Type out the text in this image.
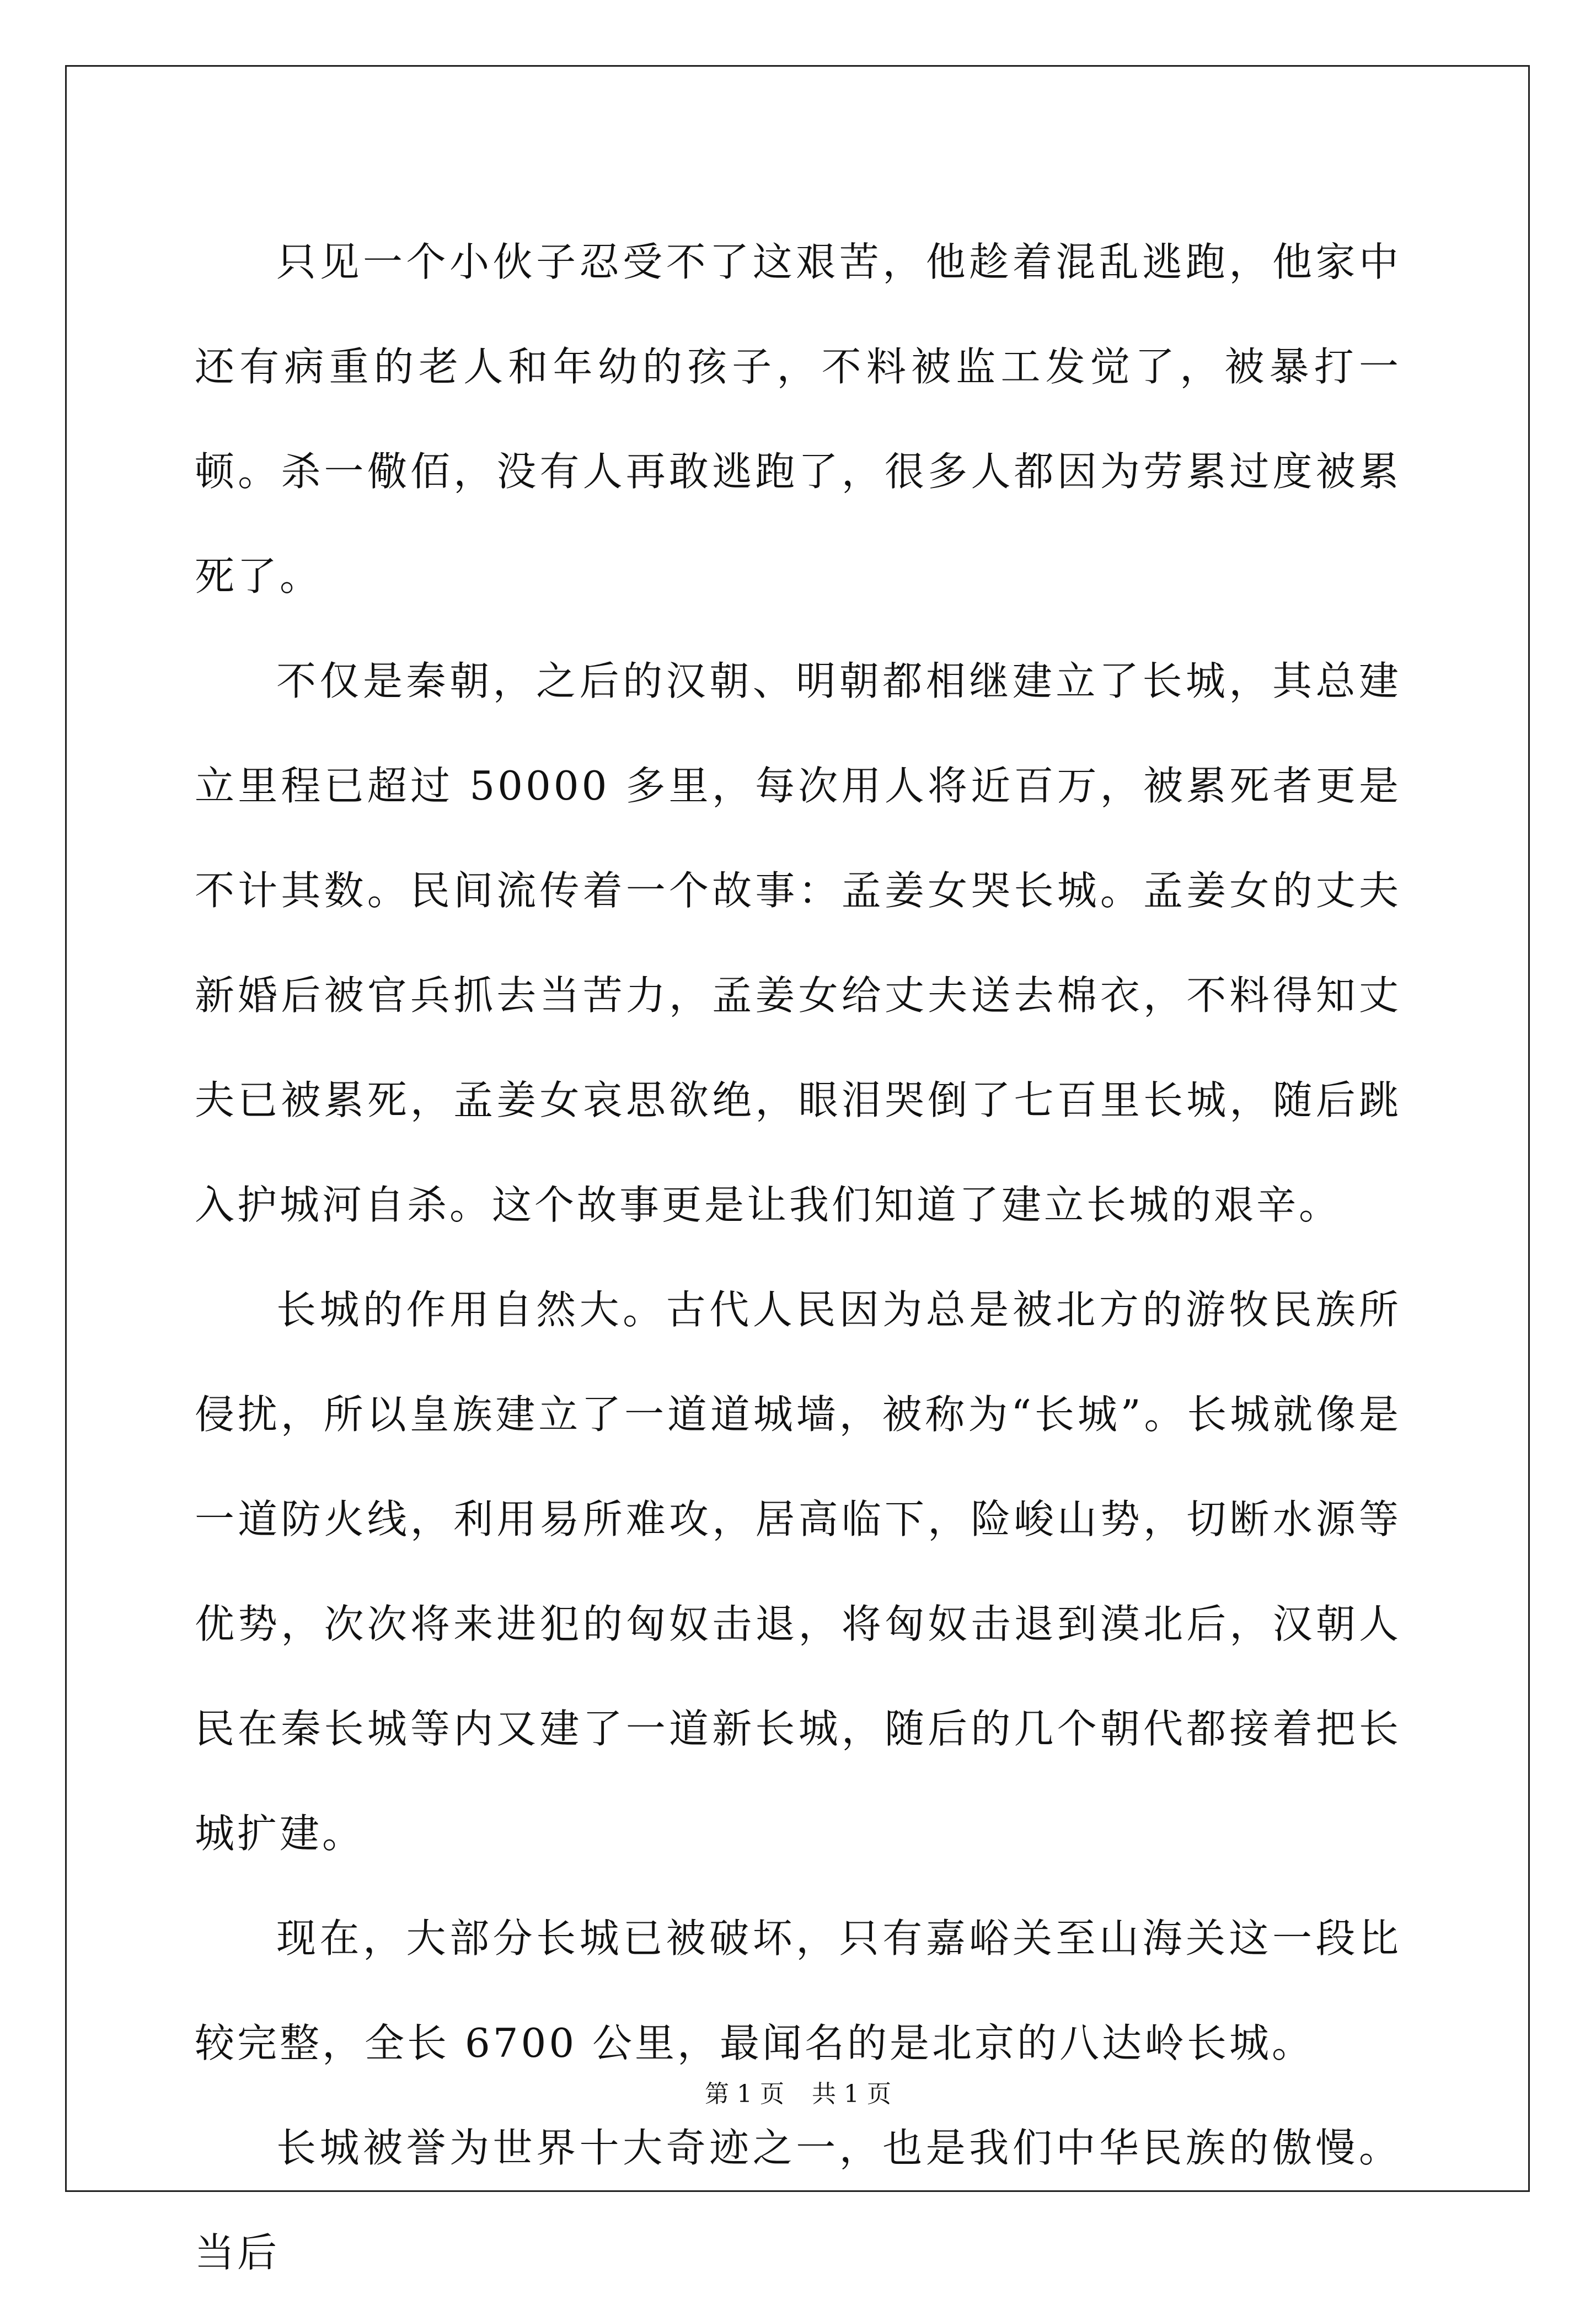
只见一个小伙子忍受不了这艰苦，他趁着混乱逃跑，他家中还有病重的老人和年幼的孩子，不料被监工发觉了，被暴打一顿。杀一儆佰，没有人再敢逃跑了，很多人都因为劳累过度被累死了。

不仅是秦朝，之后的汉朝、明朝都相继建立了长城，其总建立里程已超过 50000 多里，每次用人将近百万，被累死者更是不计其数。民间流传着一个故事：孟姜女哭长城。孟姜女的丈夫新婚后被官兵抓去当苦力，孟姜女给丈夫送去棉衣，不料得知丈夫已被累死，孟姜女哀思欲绝，眼泪哭倒了七百里长城，随后跳入护城河自杀。这个故事更是让我们知道了建立长城的艰辛。

长城的作用自然大。古代人民因为总是被北方的游牧民族所侵扰，所以皇族建立了一道道城墙，被称为“长城”。长城就像是一道防火线，利用易所难攻，居高临下，险峻山势，切断水源等优势，次次将来进犯的匈奴击退，将匈奴击退到漠北后，汉朝人民在秦长城等内又建了一道新长城，随后的几个朝代都接着把长城扩建。

现在，大部分长城已被破坏，只有嘉峪关至山海关这一段比较完整，全长 6700 公里，最闻名的是北京的八达岭长城。

长城被誉为世界十大奇迹之一，也是我们中华民族的傲慢。当后

第 1 页 共 1 页
